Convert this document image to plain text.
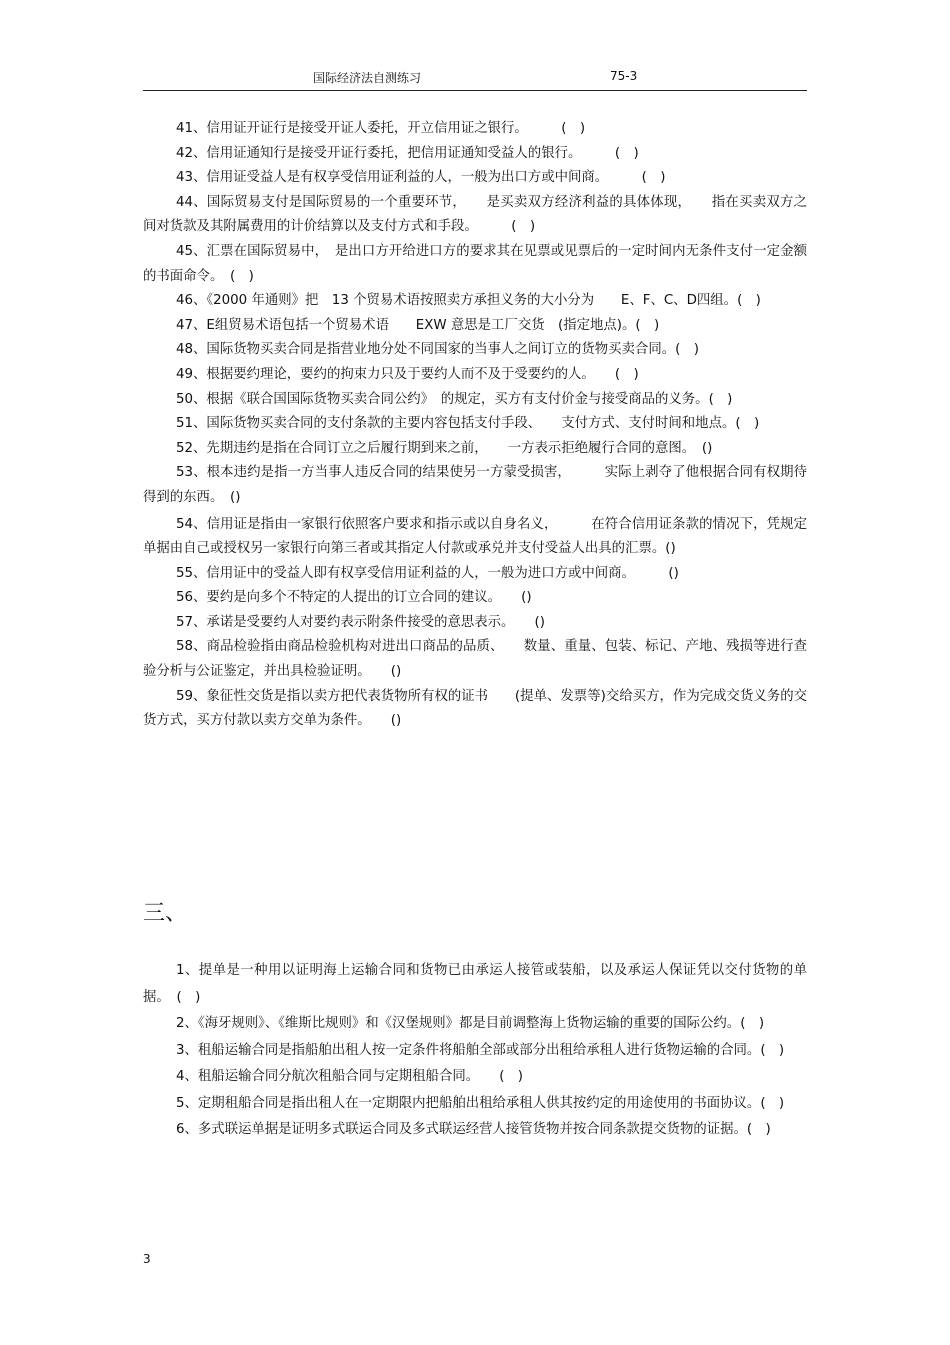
国际经济法自测练习	75-3

41、信用证开证行是接受开证人委托，开立信用证之银行。　　　(　)

42、信用证通知行是接受开证行委托，把信用证通知受益人的银行。　　　(　)

43、信用证受益人是有权享受信用证利益的人，一般为出口方或中间商。　　　(　)

44、国际贸易支付是国际贸易的一个重要环节，　　是买卖双方经济利益的具体体现，　　指在买卖双方之间对货款及其附属费用的计价结算以及支付方式和手段。　　　(　)

45、汇票在国际贸易中，　是出口方开给进口方的要求其在见票或见票后的一定时间内无条件支付一定金额的书面命令。　(　)

46、《2000 年通则》把　13 个贸易术语按照卖方承担义务的大小分为　　E、F、C、D四组。(　)

47、E组贸易术语包括一个贸易术语　　EXW 意思是工厂交货　(指定地点)。(　)

48、国际货物买卖合同是指营业地分处不同国家的当事人之间订立的货物买卖合同。(　)

49、根据要约理论，要约的拘束力只及于要约人而不及于受要约的人。　　(　)

50、根据《联合国国际货物买卖合同公约》　的规定，买方有支付价金与接受商品的义务。(　)

51、国际货物买卖合同的支付条款的主要内容包括支付手段、　　支付方式、支付时间和地点。(　)

52、先期违约是指在合同订立之后履行期到来之前，　　一方表示拒绝履行合同的意图。　()

53、根本违约是指一方当事人违反合同的结果使另一方蒙受损害，　　　实际上剥夺了他根据合同有权期待得到的东西。　()

54、信用证是指由一家银行依照客户要求和指示或以自身名义，　　　在符合信用证条款的情况下，凭规定单据由自己或授权另一家银行向第三者或其指定人付款或承兑并支付受益人出具的汇票。()

55、信用证中的受益人即有权享受信用证利益的人，一般为进口方或中间商。　　　()

56、要约是向多个不特定的人提出的订立合同的建议。　　()

57、承诺是受要约人对要约表示附条件接受的意思表示。　　()

58、商品检验指由商品检验机构对进出口商品的品质、　　数量、重量、包装、标记、产地、残损等进行查验分析与公证鉴定，并出具检验证明。　　()

59、象征性交货是指以卖方把代表货物所有权的证书　　(提单、发票等)交给买方，作为完成交货义务的交货方式，买方付款以卖方交单为条件。　　()

三、

1、提单是一种用以证明海上运输合同和货物已由承运人接管或装船，以及承运人保证凭以交付货物的单据。　(　)

2、《海牙规则》、《维斯比规则》和《汉堡规则》都是目前调整海上货物运输的重要的国际公约。(　)

3、租船运输合同是指船舶出租人按一定条件将船舶全部或部分出租给承租人进行货物运输的合同。(　)

4、租船运输合同分航次租船合同与定期租船合同。　　(　)

5、定期租船合同是指出租人在一定期限内把船舶出租给承租人供其按约定的用途使用的书面协议。(　)

6、多式联运单据是证明多式联运合同及多式联运经营人接管货物并按合同条款提交货物的证据。(　)

3
